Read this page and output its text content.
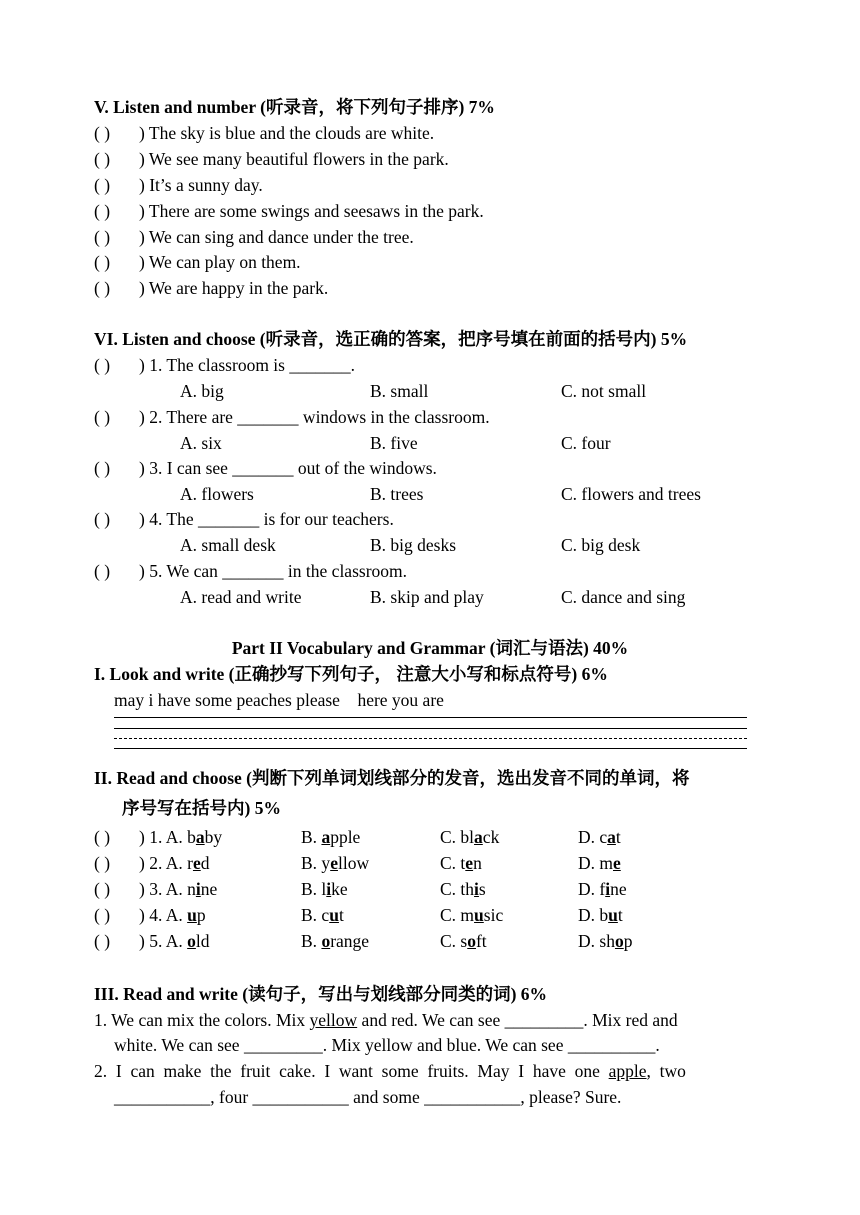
V. Listen and number (听录音，将下列句子排序) 7%
( ) ) The sky is blue and the clouds are white.
( ) ) We see many beautiful flowers in the park.
( ) ) It’s a sunny day.
( ) ) There are some swings and seesaws in the park.
( ) ) We can sing and dance under the tree.
( ) ) We can play on them.
( ) ) We are happy in the park.
VI. Listen and choose (听录音，选正确的答案，把序号填在前面的括号内) 5%
( ) ) 1. The classroom is _______.
A. big	B. small	C. not small
( ) ) 2. There are _______ windows in the classroom.
A. six	B. five	C. four
( ) ) 3. I can see _______ out of the windows.
A. flowers	B. trees	C. flowers and trees
( ) ) 4. The _______ is for our teachers.
A. small desk	B. big desks	C. big desk
( ) ) 5. We can _______ in the classroom.
A. read and write	B. skip and play	C. dance and sing
Part II Vocabulary and Grammar (词汇与语法) 40%
I. Look and write (正确抄写下列句子， 注意大小写和标点符号) 6%
may i have some peaches please    here you are
II. Read and choose (判断下列单词划线部分的发音，选出发音不同的单词，将
序号写在括号内) 5%
( ) ) 1. A. baby	B. apple	C. black	D. cat
( ) ) 2. A. red	B. yellow	C. ten	D. me
( ) ) 3. A. nine	B. like	C. this	D. fine
( ) ) 4. A. up	B. cut	C. music	D. but
( ) ) 5. A. old	B. orange	C. soft	D. shop
III. Read and write (读句子，写出与划线部分同类的词) 6%
1. We can mix the colors. Mix yellow and red. We can see _________. Mix red and
white. We can see _________. Mix yellow and blue. We can see __________.
2.  I  can  make  the  fruit  cake.  I  want  some  fruits.  May  I  have  one  apple,  two
___________, four ___________ and some ___________, please? Sure.
